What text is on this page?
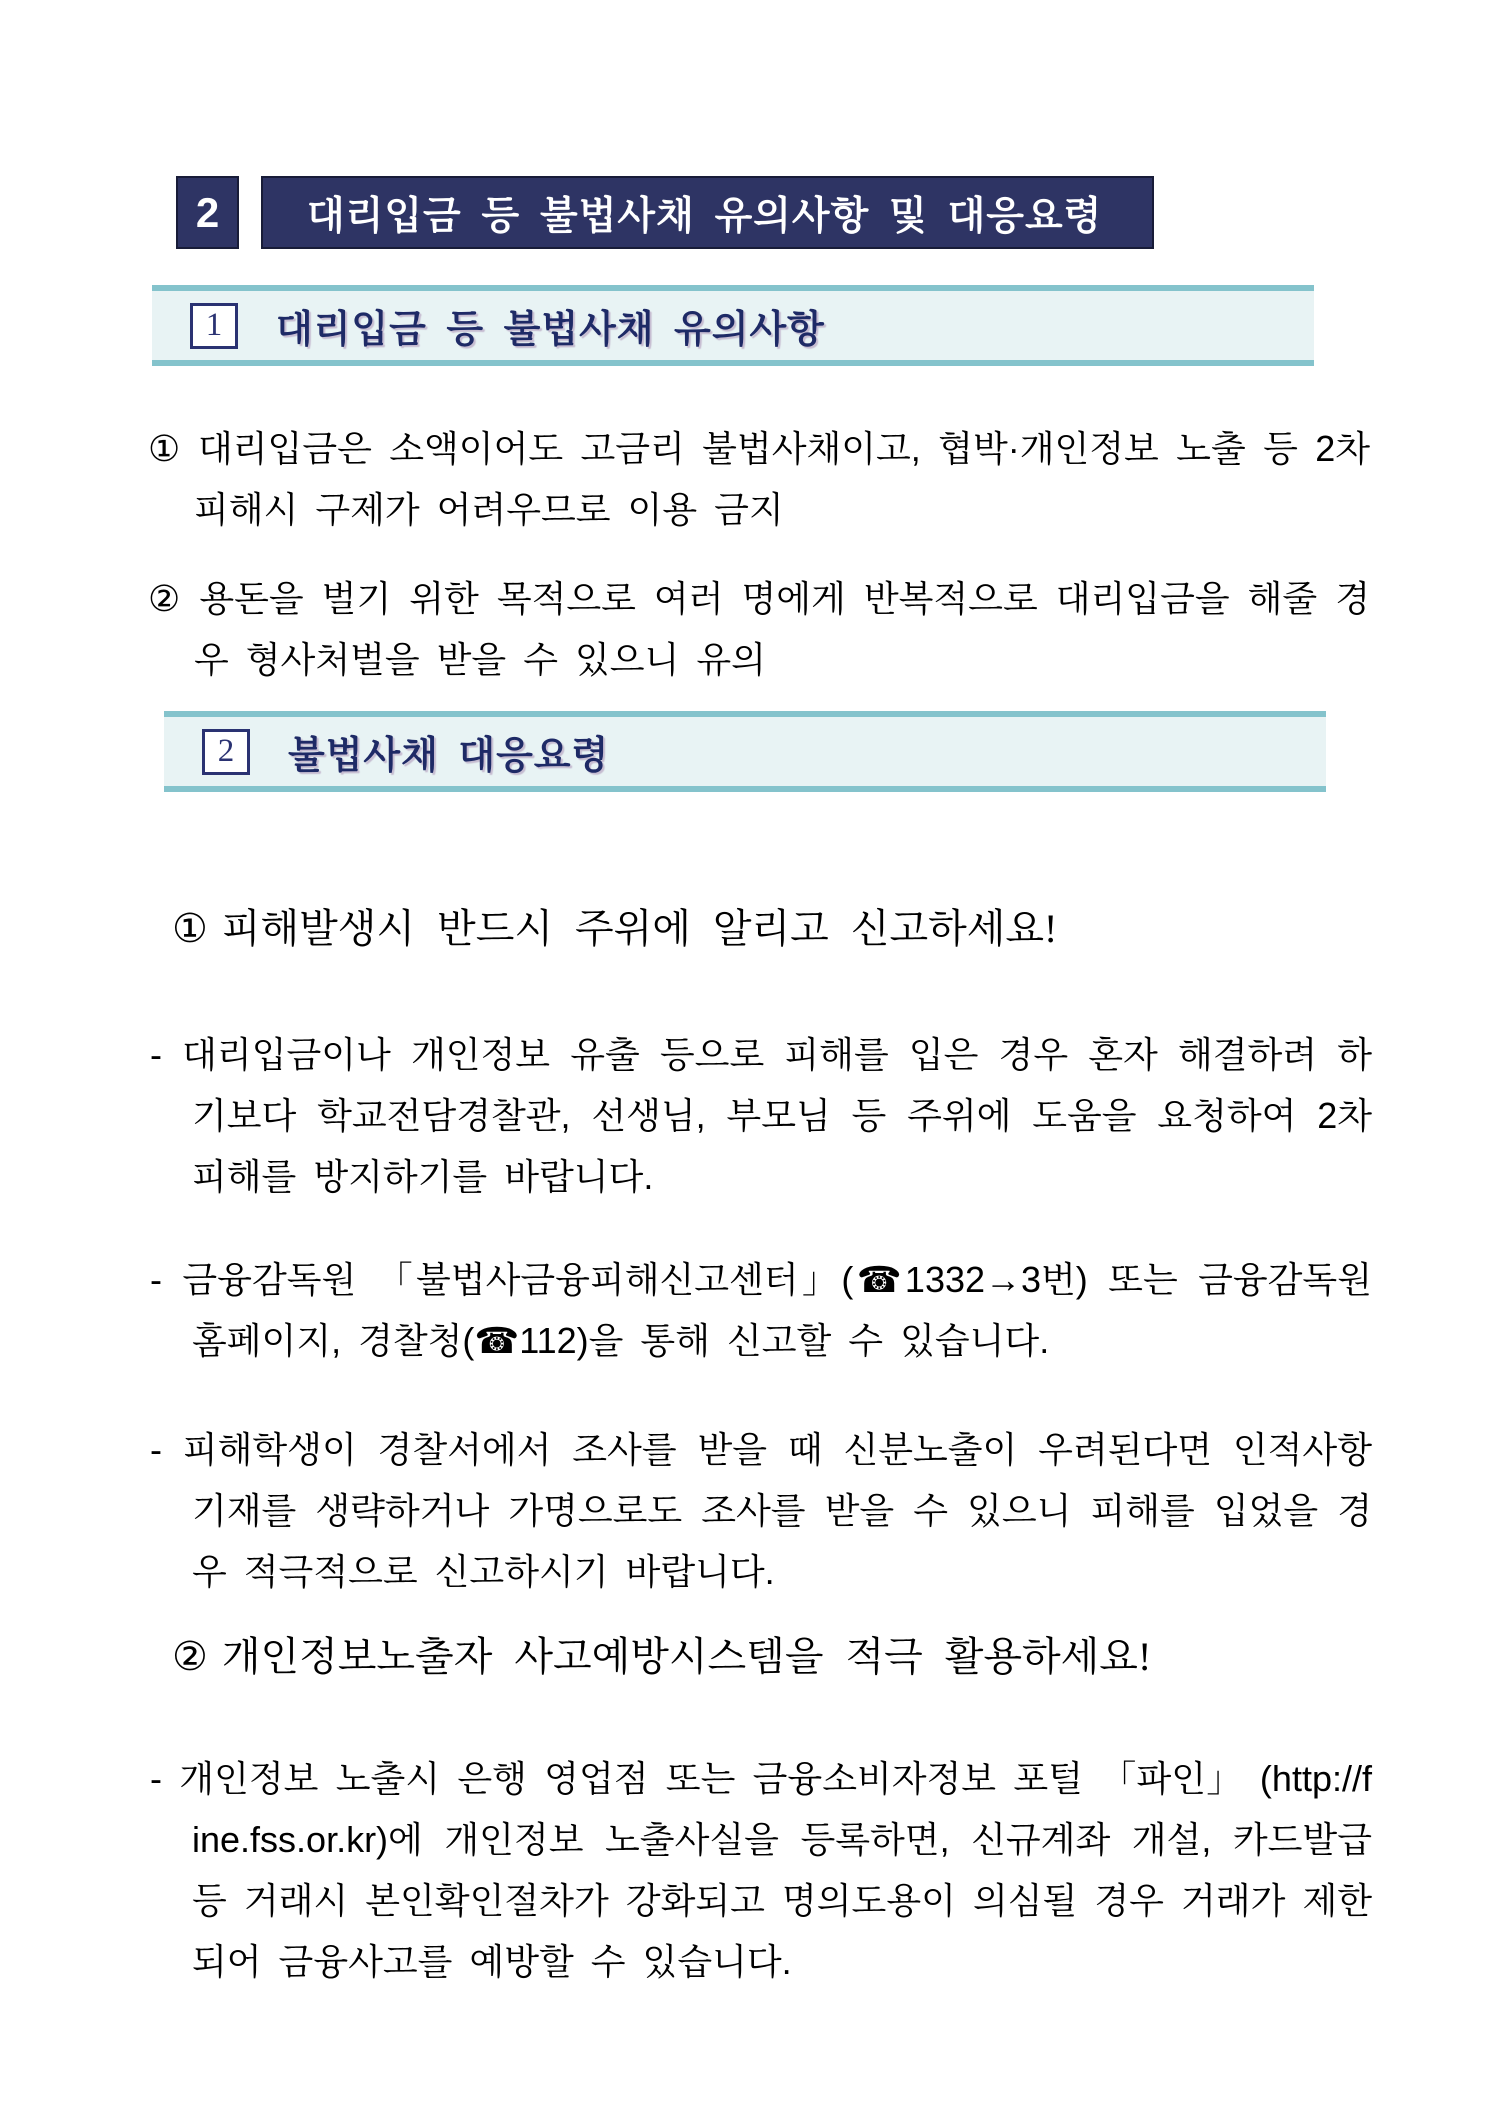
2	대리입금 등 불법사채 유의사항 및 대응요령
1	대리입금 등 불법사채 유의사항
① 대리입금은 소액이어도 고금리 불법사채이고, 협박·개인정보 노출 등 2차 피해시 구제가 어려우므로 이용 금지
② 용돈을 벌기 위한 목적으로 여러 명에게 반복적으로 대리입금을 해줄 경우 형사처벌을 받을 수 있으니 유의
2	불법사채 대응요령
① 피해발생시 반드시 주위에 알리고 신고하세요!
- 대리입금이나 개인정보 유출 등으로 피해를 입은 경우 혼자 해결하려 하기보다 학교전담경찰관, 선생님, 부모님 등 주위에 도움을 요청하여 2차 피해를 방지하기를 바랍니다.
- 금융감독원 「불법사금융피해신고센터」(☎1332→3번) 또는 금융감독원 홈페이지, 경찰청(☎112)을 통해 신고할 수 있습니다.
- 피해학생이 경찰서에서 조사를 받을 때 신분노출이 우려된다면 인적사항 기재를 생략하거나 가명으로도 조사를 받을 수 있으니 피해를 입었을 경우 적극적으로 신고하시기 바랍니다.
② 개인정보노출자 사고예방시스템을 적극 활용하세요!
- 개인정보 노출시 은행 영업점 또는 금융소비자정보 포털 「파인」 (http://fine.fss.or.kr)에 개인정보 노출사실을 등록하면, 신규계좌 개설, 카드발급 등 거래시 본인확인절차가 강화되고 명의도용이 의심될 경우 거래가 제한되어 금융사고를 예방할 수 있습니다.
